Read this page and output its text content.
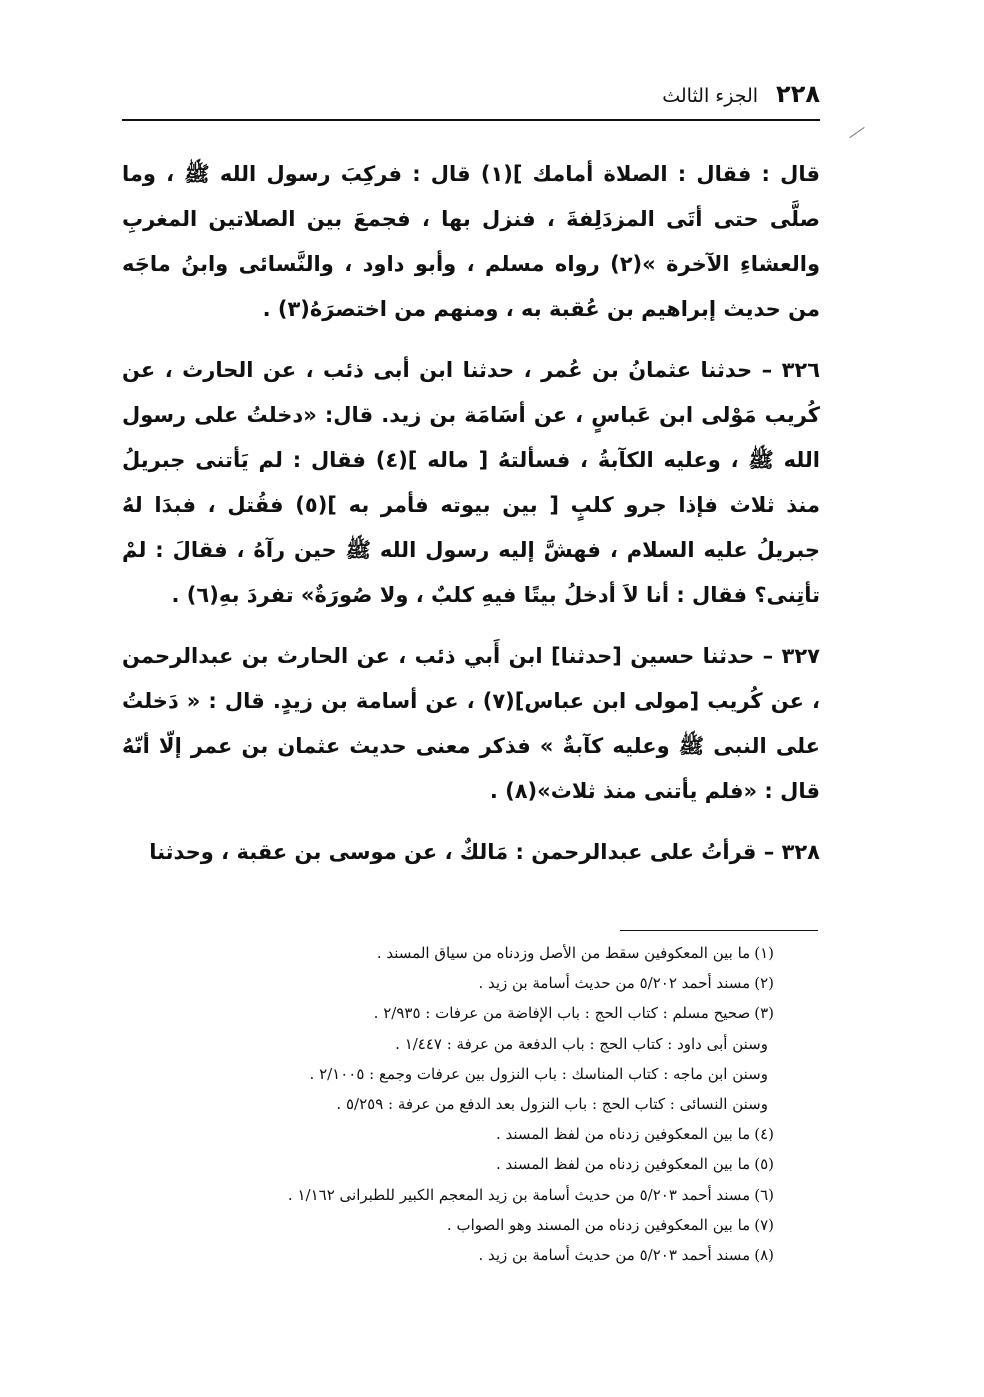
٢٢٨
الجزء الثالث

قال : فقال : الصلاة أمامك ](١) قال : فركِبَ رسول الله ﷺ ، وما صلَّى حتى أتَى المزدَلِفةَ ، فنزل بها ، فجمعَ بين الصلاتين المغربِ والعشاءِ الآخرة »(٢) رواه مسلم ، وأبو داود ، والنَّسائى وابنُ ماجَه من حديث إبراهيم بن عُقبة به ، ومنهم من اختصرَهُ(٣) .

٣٢٦ – حدثنا عثمانُ بن عُمر ، حدثنا ابن أبى ذئب ، عن الحارث ، عن كُريب مَوْلى ابن عَباسٍ ، عن أسَامَة بن زيد. قال: «دخلتُ على رسول الله ﷺ ، وعليه الكآبةُ ، فسألتهُ [ ماله ](٤) فقال : لم يَأتنى جبريلُ منذ ثلاث فإذا جرو كلبٍ [ بين بيوته فأمر به ](٥) فقُتل ، فبدَا لهُ جبريلُ عليه السلام ، فهشَّ إليه رسول الله ﷺ حين رآهُ ، فقالَ : لمْ تأتِنى؟ فقال : أنا لاَ أدخلُ بيتًا فيهِ كلبٌ ، ولا صُورَةٌ» تفردَ بهِ(٦) .

٣٢٧ – حدثنا حسين [حدثنا] ابن أَبي ذئب ، عن الحارث بن عبدالرحمن ، عن كُريب [مولى ابن عباس](٧) ، عن أسامة بن زيدٍ. قال : « دَخلتُ على النبى ﷺ وعليه كآبةٌ » فذكر معنى حديث عثمان بن عمر إلّا أنّهُ قال : «فلم يأتنى منذ ثلاث»(٨) .

٣٢٨ – قرأتُ على عبدالرحمن : مَالكٌ ، عن موسى بن عقبة ، وحدثنا

(١)ما بين المعكوفين سقط من الأصل وزدناه من سياق المسند .
(٢)مسند أحمد ٥/٢٠٢ من حديث أسامة بن زيد .
(٣)صحيح مسلم : كتاب الحج : باب الإفاضة من عرفات : ٢/٩٣٥ .
وسنن أبى داود : كتاب الحج : باب الدفعة من عرفة : ١/٤٤٧ .
وسنن ابن ماجه : كتاب المناسك : باب النزول بين عرفات وجمع : ٢/١٠٠٥ .
وسنن النسائى : كتاب الحج : باب النزول بعد الدفع من عرفة : ٥/٢٥٩ .
(٤)ما بين المعكوفين زدناه من لفظ المسند .
(٥)ما بين المعكوفين زدناه من لفظ المسند .
(٦)مسند أحمد ٥/٢٠٣ من حديث أسامة بن زيد المعجم الكبير للطبرانى ١/١٦٢ .
(٧)ما بين المعكوفين زدناه من المسند وهو الصواب .
(٨)مسند أحمد ٥/٢٠٣ من حديث أسامة بن زيد .
